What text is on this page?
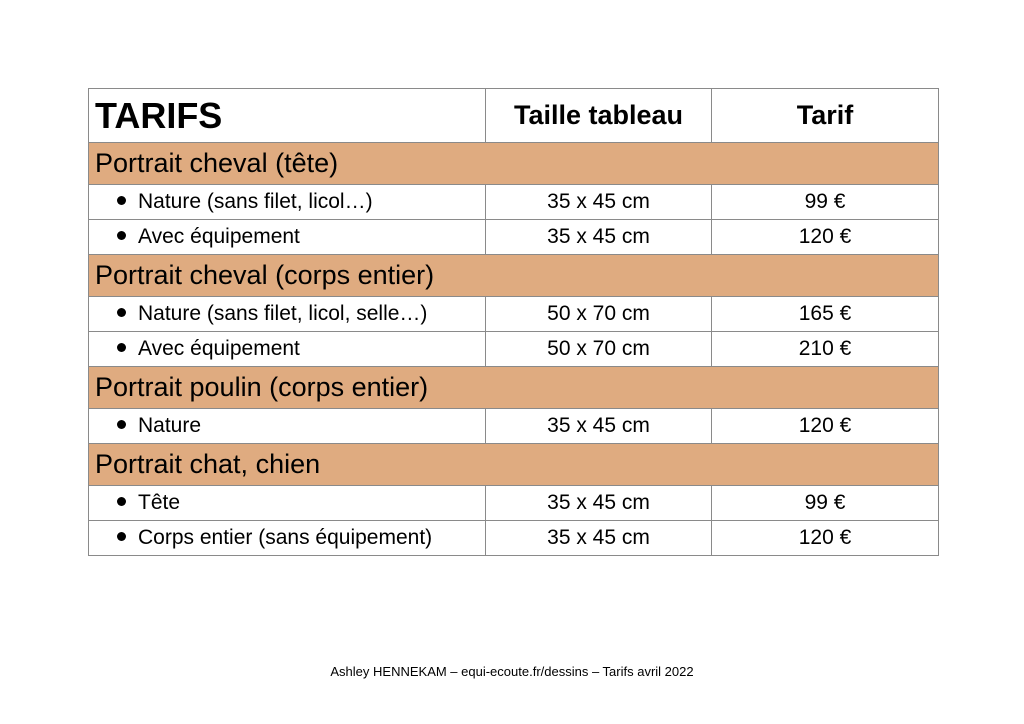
TARIFS	Taille tableau	Tarif
Portrait cheval (tête)		
Nature (sans filet, licol…)	35 x 45 cm	99 €
Avec équipement	35 x 45 cm	120 €
Portrait cheval (corps entier)		
Nature (sans filet, licol, selle…)	50 x 70 cm	165 €
Avec équipement	50 x 70 cm	210 €
Portrait poulin (corps entier)		
Nature	35 x 45 cm	120 €
Portrait chat, chien		
Tête	35 x 45 cm	99 €
Corps entier (sans équipement)	35 x 45 cm	120 €
Ashley HENNEKAM – equi-ecoute.fr/dessins – Tarifs avril 2022
